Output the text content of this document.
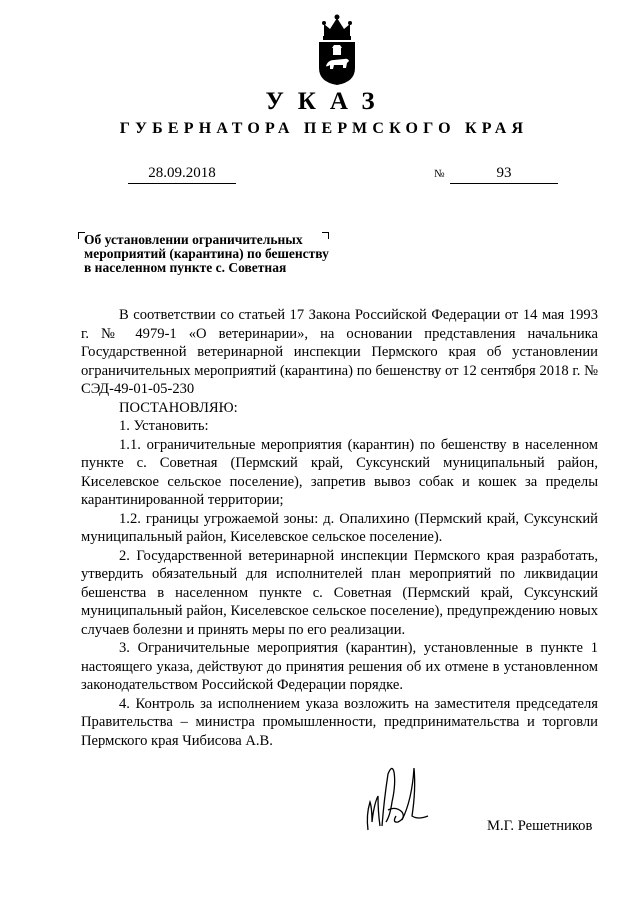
УКАЗ
ГУБЕРНАТОРА ПЕРМСКОГО КРАЯ
28.09.2018	№	93
Об установлении ограничительных
мероприятий (карантина) по бешенству
в населенном пункте с. Советная

В соответствии со статьей 17 Закона Российской Федерации от 14 мая 1993 г. № 4979-1 «О ветеринарии», на основании представления начальника Государственной ветеринарной инспекции Пермского края об установлении ограничительных мероприятий (карантина) по бешенству от 12 сентября 2018 г. № СЭД-49-01-05-230

ПОСТАНОВЛЯЮ:

1. Установить:

1.1. ограничительные мероприятия (карантин) по бешенству в населенном пункте с. Советная (Пермский край, Суксунский муниципальный район, Киселевское сельское поселение), запретив вывоз собак и кошек за пределы карантинированной территории;

1.2. границы угрожаемой зоны: д. Опалихино (Пермский край, Суксунский муниципальный район, Киселевское сельское поселение).

2. Государственной ветеринарной инспекции Пермского края разработать, утвердить обязательный для исполнителей план мероприятий по ликвидации бешенства в населенном пункте с. Советная (Пермский край, Суксунский муниципальный район, Киселевское сельское поселение), предупреждению новых случаев болезни и принять меры по его реализации.

3. Ограничительные мероприятия (карантин), установленные в пункте 1 настоящего указа, действуют до принятия решения об их отмене в установленном законодательством Российской Федерации порядке.

4. Контроль за исполнением указа возложить на заместителя председателя Правительства – министра промышленности, предпринимательства и торговли Пермского края Чибисова А.В.

М.Г. Решетников
